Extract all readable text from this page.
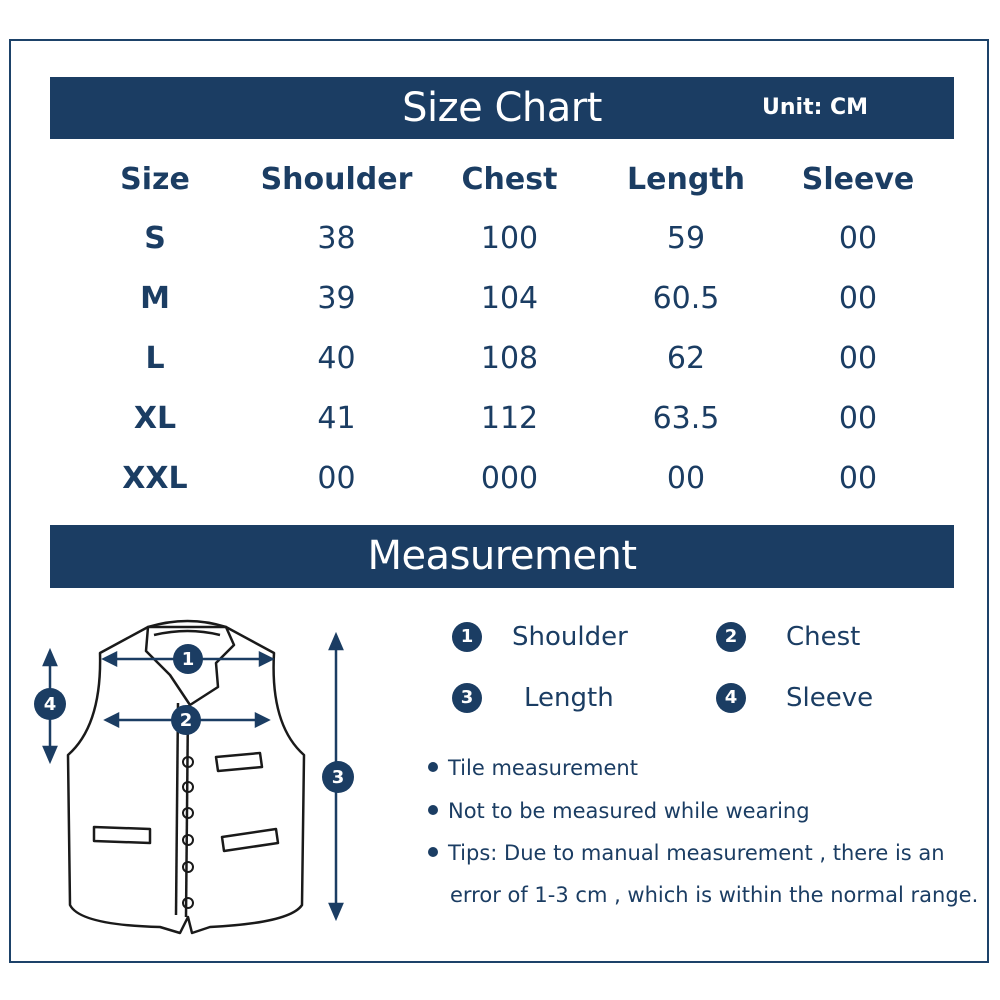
Size Chart	Unit: CM
Size	Shoulder	Chest	Length	Sleeve
S	38	100	59	00
M	39	104	60.5	00
L	40	108	62	00
XL	41	112	63.5	00
XXL	00	000	00	00
Measurement
1
2
3
4
1	Shoulder	2	Chest
3	Length	4	Sleeve
Tile measurement
Not to be measured while wearing
Tips: Due to manual measurement , there is an
error of 1-3 cm , which is within the normal range.
